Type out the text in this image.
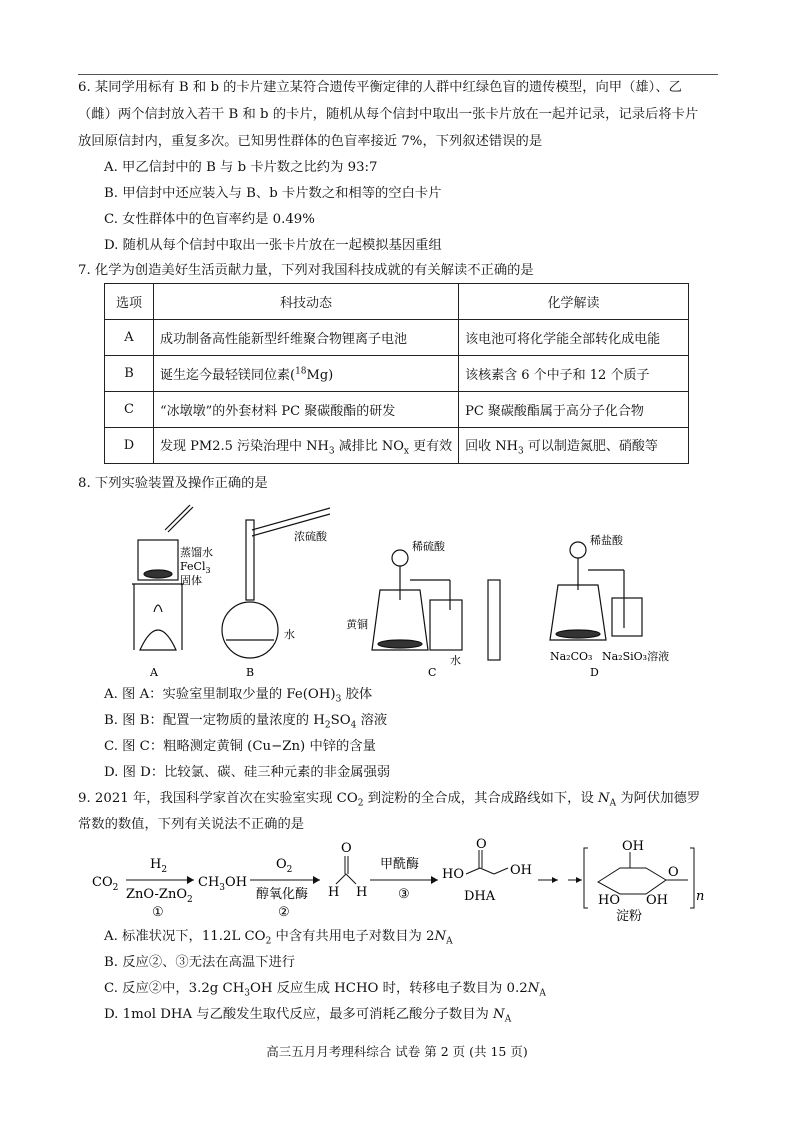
6. 某同学用标有 B 和 b 的卡片建立某符合遗传平衡定律的人群中红绿色盲的遗传模型，向甲（雄）、乙
（雌）两个信封放入若干 B 和 b 的卡片，随机从每个信封中取出一张卡片放在一起并记录，记录后将卡片
放回原信封内，重复多次。已知男性群体的色盲率接近 7%，下列叙述错误的是
A. 甲乙信封中的 B 与 b 卡片数之比约为 93:7
B. 甲信封中还应装入与 B、b 卡片数之和相等的空白卡片
C. 女性群体中的色盲率约是 0.49%
D. 随机从每个信封中取出一张卡片放在一起模拟基因重组
7. 化学为创造美好生活贡献力量，下列对我国科技成就的有关解读不正确的是
选项	科技动态	化学解读
A	成功制备高性能新型纤维聚合物锂离子电池	该电池可将化学能全部转化成电能
B	诞生迄今最轻镁同位素($^{18}$Mg)	该核素含 6 个中子和 12 个质子
C	“冰墩墩”的外套材料 PC 聚碳酸酯的研发	PC 聚碳酸酯属于高分子化合物
D	发现 PM2.5 污染治理中 $NH_3$ 减排比 $NO_x$ 更有效	回收 $NH_3$ 可以制造氮肥、硝酸等
8. 下列实验装置及操作正确的是
蒸馏水
FeCl$_3$
固体
A
浓硫酸
水
B
稀硫酸
黄铜
水
C
稀盐酸
Na₂CO₃ Na₂SiO₃溶液
D
A. 图 A：实验室里制取少量的 $Fe(OH)_3$ 胶体
B. 图 B：配置一定物质的量浓度的 $H_2SO_4$ 溶液
C. 图 C：粗略测定黄铜 (Cu−Zn) 中锌的含量
D. 图 D：比较氯、碳、硅三种元素的非金属强弱
9. 2021 年，我国科学家首次在实验室实现 $CO_2$ 到淀粉的全合成，其合成路线如下，设 $N_A$ 为阿伏加德罗
常数的数值，下列有关说法不正确的是
$CO_2$
$H_2$
ZnO-ZnO$_2$
①
$CH_3OH$
$O_2$
醇氧化酶
②
O
H H
甲酰酶
③
O
HO	OH
DHA
OH
HO OH
O
n
淀粉
A. 标准状况下，11.2L $CO_2$ 中含有共用电子对数目为 $2N_A$
B. 反应②、③无法在高温下进行
C. 反应②中，3.2g $CH_3OH$ 反应生成 HCHO 时，转移电子数目为 $0.2N_A$
D. 1mol DHA 与乙酸发生取代反应，最多可消耗乙酸分子数目为 $N_A$
高三五月月考理科综合 试卷 第 2 页 (共 15 页)
